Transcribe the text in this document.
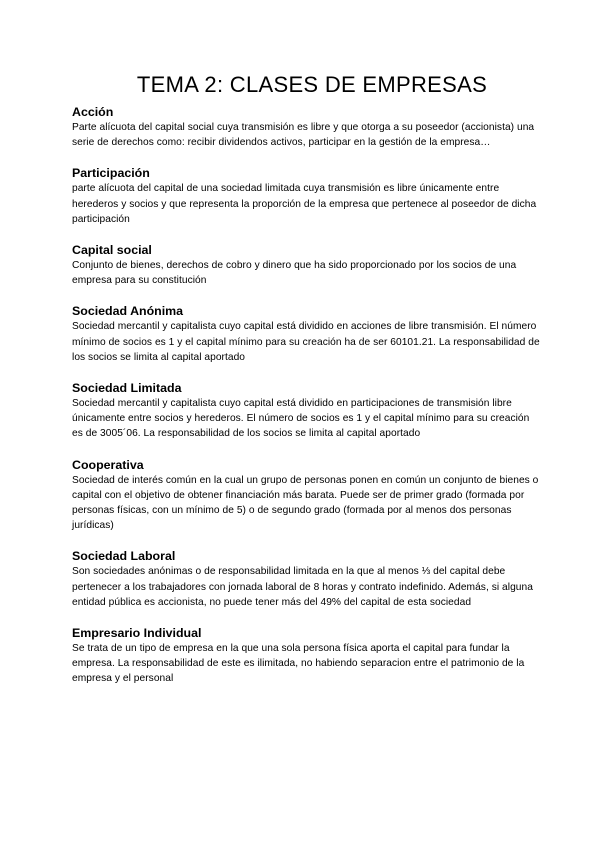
TEMA 2: CLASES DE EMPRESAS
Acción

Parte alícuota del capital social cuya transmisión es libre y que otorga a su poseedor (accionista) una serie de derechos como: recibir dividendos activos, participar en la gestión de la empresa…

Participación

parte alícuota del capital de una sociedad limitada cuya transmisión es libre únicamente entre herederos y socios y que representa la proporción de la empresa que pertenece al poseedor de dicha participación

Capital social

Conjunto de bienes, derechos de cobro y dinero que ha sido proporcionado por los socios de una empresa para su constitución

Sociedad Anónima

Sociedad mercantil y capitalista cuyo capital está dividido en acciones de libre transmisión. El número mínimo de socios es 1 y el capital mínimo para su creación ha de ser 60101.21. La responsabilidad de los socios se limita al capital aportado

Sociedad Limitada

Sociedad mercantil y capitalista cuyo capital está dividido en participaciones de transmisión libre únicamente entre socios y herederos. El número de socios es 1 y el capital mínimo para su creación es de 3005´06. La responsabilidad de los socios se limita al capital aportado

Cooperativa

Sociedad de interés común en la cual un grupo de personas ponen en común un conjunto de bienes o capital con el objetivo de obtener financiación más barata. Puede ser de primer grado (formada por personas físicas, con un mínimo de 5) o de segundo grado (formada por al menos dos personas jurídicas)

Sociedad Laboral

Son sociedades anónimas o de responsabilidad limitada en la que al menos ⅓ del capital debe pertenecer a los trabajadores con jornada laboral de 8 horas y contrato indefinido. Además, si alguna entidad pública es accionista, no puede tener más del 49% del capital de esta sociedad

Empresario Individual

Se trata de un tipo de empresa en la que una sola persona física aporta el capital para fundar la empresa. La responsabilidad de este es ilimitada, no habiendo separacion entre el patrimonio de la empresa y el personal
